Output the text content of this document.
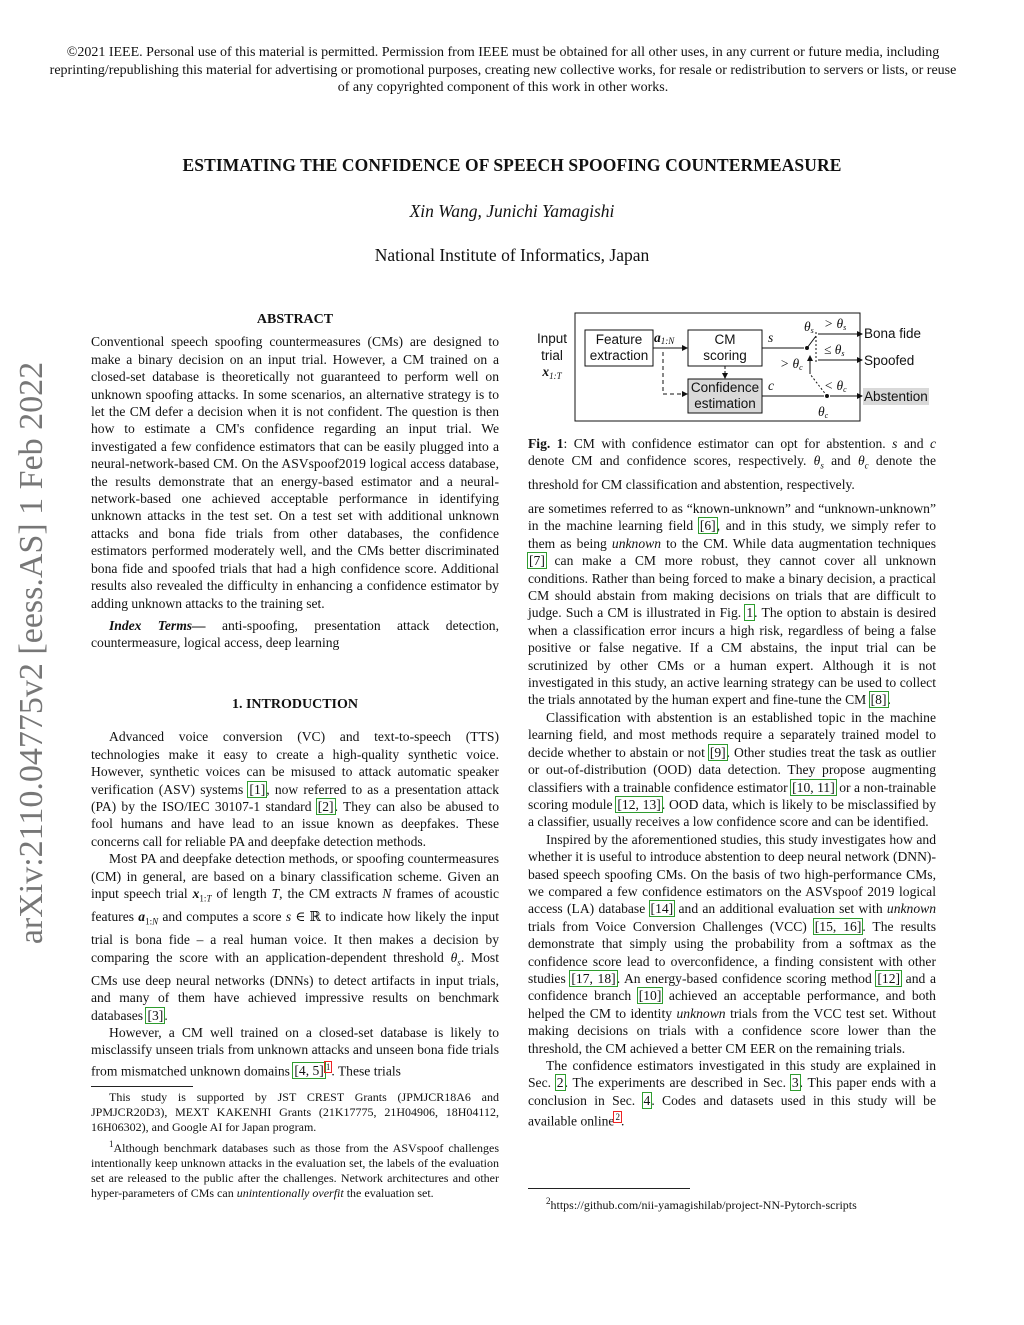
©2021 IEEE. Personal use of this material is permitted. Permission from IEEE must be obtained for all other uses, in any current or future media, including reprinting/republishing this material for advertising or promotional purposes, creating new collective works, for resale or redistribution to servers or lists, or reuse of any copyrighted component of this work in other works.
ESTIMATING THE CONFIDENCE OF SPEECH SPOOFING COUNTERMEASURE
Xin Wang, Junichi Yamagishi
National Institute of Informatics, Japan
arXiv:2110.04775v2 [eess.AS] 1 Feb 2022
ABSTRACT

Conventional speech spoofing countermeasures (CMs) are designed to make a binary decision on an input trial. However, a CM trained on a closed-set database is theoretically not guaranteed to perform well on unknown spoofing attacks. In some scenarios, an alternative strategy is to let the CM defer a decision when it is not confident. The question is then how to estimate a CM's confidence regarding an input trial. We investigated a few confidence estimators that can be easily plugged into a neural-network-based CM. On the ASVspoof2019 logical access database, the results demonstrate that an energy-based estimator and a neural-network-based one achieved acceptable performance in identifying unknown attacks in the test set. On a test set with additional unknown attacks and bona fide trials from other databases, the confidence estimators performed moderately well, and the CMs better discriminated bona fide and spoofed trials that had a high confidence score. Additional results also revealed the difficulty in enhancing a confidence estimator by adding unknown attacks to the training set.

Index Terms— anti-spoofing, presentation attack detection, countermeasure, logical access, deep learning

1. INTRODUCTION

Advanced voice conversion (VC) and text-to-speech (TTS) technologies make it easy to create a high-quality synthetic voice. However, synthetic voices can be misused to attack automatic speaker verification (ASV) systems [1], now referred to as a presentation attack (PA) by the ISO/IEC 30107-1 standard [2]. They can also be abused to fool humans and have lead to an issue known as deepfakes. These concerns call for reliable PA and deepfake detection methods.

Most PA and deepfake detection methods, or spoofing countermeasures (CM) in general, are based on a binary classification scheme. Given an input speech trial $x_{1:T}$ of length T, the CM extracts N frames of acoustic features $a_{1:N}$ and computes a score s ∈ ℝ to indicate how likely the input trial is bona fide – a real human voice. It then makes a decision by comparing the score with an application-dependent threshold $\theta_s$. Most CMs use deep neural networks (DNNs) to detect artifacts in input trials, and many of them have achieved impressive results on benchmark databases [3].

However, a CM well trained on a closed-set database is likely to misclassify unseen trials from unknown attacks and unseen bona fide trials from mismatched unknown domains [4, 5] $^1$. These trials

This study is supported by JST CREST Grants (JPMJCR18A6 and JPMJCR20D3), MEXT KAKENHI Grants (21K17775, 21H04906, 18H04112, 16H06302), and Google AI for Japan program.

$^1$Although benchmark databases such as those from the ASVspoof challenges intentionally keep unknown attacks in the evaluation set, the labels of the evaluation set are released to the public after the challenges. Network architectures and other hyper-parameters of CMs can unintentionally overfit the evaluation set.

Input
trial
$x_{1:T}$
Feature
extraction
a1:N	CM
scoring
Confidence
estimation
s
c
θs
θc
> θc
> θs
≤ θs
< θc
Bona fide
Spoofed
Abstention

Fig. 1: CM with confidence estimator can opt for abstention. s and c denote CM and confidence scores, respectively. $\theta_s$ and $\theta_c$ denote the threshold for CM classification and abstention, respectively.

are sometimes referred to as “known-unknown” and “unknown-unknown” in the machine learning field [6], and in this study, we simply refer to them as being unknown to the CM. While data augmentation techniques [7] can make a CM more robust, they cannot cover all unknown conditions. Rather than being forced to make a binary decision, a practical CM should abstain from making decisions on trials that are difficult to judge. Such a CM is illustrated in Fig. 1. The option to abstain is desired when a classification error incurs a high risk, regardless of being a false positive or false negative. If a CM abstains, the input trial can be scrutinized by other CMs or a human expert. Although it is not investigated in this study, an active learning strategy can be used to collect the trials annotated by the human expert and fine-tune the CM [8].

Classification with abstention is an established topic in the machine learning field, and most methods require a separately trained model to decide whether to abstain or not [9]. Other studies treat the task as outlier or out-of-distribution (OOD) data detection. They propose augmenting classifiers with a trainable confidence estimator [10, 11] or a non-trainable scoring module [12, 13]. OOD data, which is likely to be misclassified by a classifier, usually receives a low confidence score and can be identified.

Inspired by the aforementioned studies, this study investigates how and whether it is useful to introduce abstention to deep neural network (DNN)-based speech spoofing CMs. On the basis of two high-performance CMs, we compared a few confidence estimators on the ASVspoof 2019 logical access (LA) database [14] and an additional evaluation set with unknown trials from Voice Conversion Challenges (VCC) [15, 16]. The results demonstrate that simply using the probability from a softmax as the confidence score lead to overconfidence, a finding consistent with other studies [17, 18]. An energy-based confidence scoring method [12] and a confidence branch [10] achieved an acceptable performance, and both helped the CM to identity unknown trials from the VCC test set. Without making decisions on trials with a confidence score lower than the threshold, the CM achieved a better CM EER on the remaining trials.

The confidence estimators investigated in this study are explained in Sec. 2. The experiments are described in Sec. 3. This paper ends with a conclusion in Sec. 4. Codes and datasets used in this study will be available online$^2$.

$^2$https://github.com/nii-yamagishilab/project-NN-Pytorch-scripts
